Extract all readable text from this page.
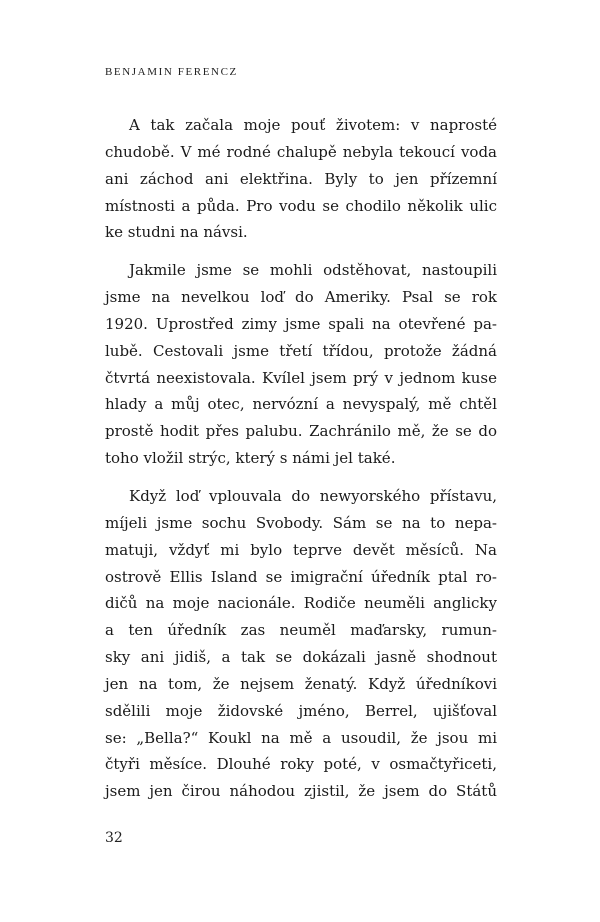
BENJAMIN FERENCZ

A tak začala moje pouť životem: v naprosté
chudobě. V mé rodné chalupě nebyla tekoucí voda
ani záchod ani elektřina. Byly to jen přízemní
místnosti a půda. Pro vodu se chodilo několik ulic
ke studni na návsi.

Jakmile jsme se mohli odstěhovat, nastoupili
jsme na nevelkou loď do Ameriky. Psal se rok
1920. Uprostřed zimy jsme spali na otevřené pa-
lubě. Cestovali jsme třetí třídou, protože žádná
čtvrtá neexistovala. Kvílel jsem prý v jednom kuse
hlady a můj otec, nervózní a nevyspalý, mě chtěl
prostě hodit přes palubu. Zachránilo mě, že se do
toho vložil strýc, který s námi jel také.

Když loď vplouvala do newyorského přístavu,
míjeli jsme sochu Svobody. Sám se na to nepa-
matuji, vždyť mi bylo teprve devět měsíců. Na
ostrově Ellis Island se imigrační úředník ptal ro-
dičů na moje nacionále. Rodiče neuměli anglicky
a ten úředník zas neuměl maďarsky, rumun-
sky ani jidiš, a tak se dokázali jasně shodnout
jen na tom, že nejsem ženatý. Když úředníkovi
sdělili moje židovské jméno, Berrel, ujišťoval
se: „Bella?“ Koukl na mě a usoudil, že jsou mi
čtyři měsíce. Dlouhé roky poté, v osmačtyřiceti,
jsem jen čirou náhodou zjistil, že jsem do Států

32
